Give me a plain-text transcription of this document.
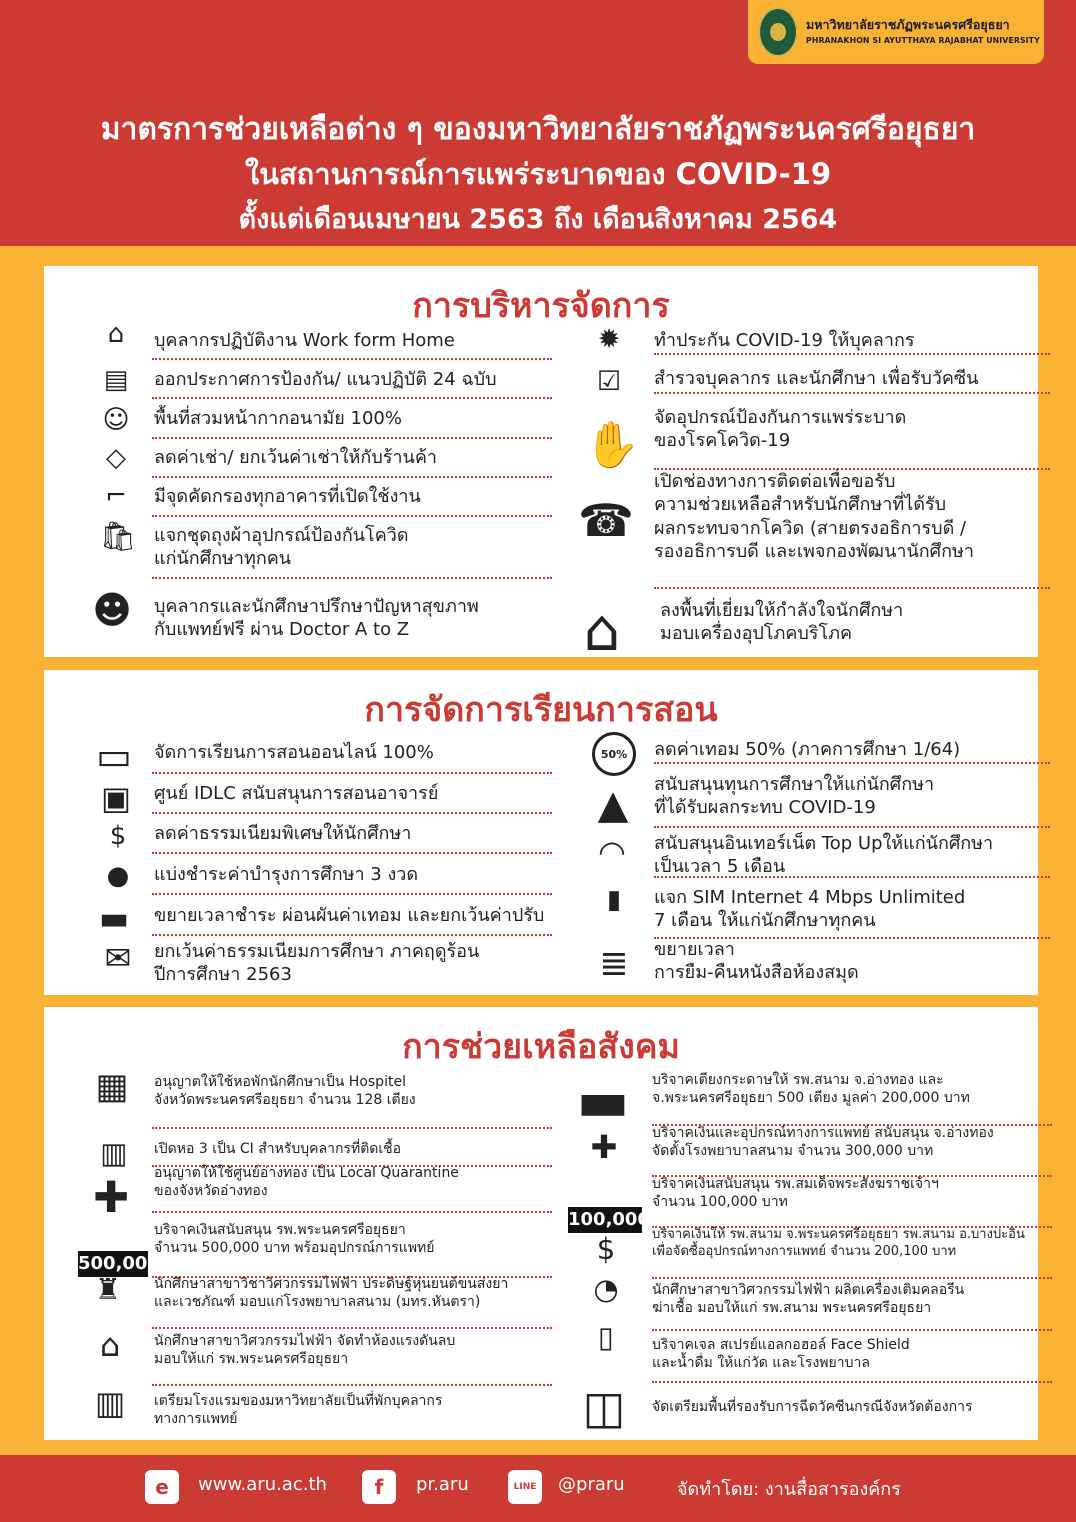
มหาวิทยาลัยราชภัฏพระนครศรีอยุธยา
PHRANAKHON SI AYUTTHAYA RAJABHAT UNIVERSITY
มาตรการช่วยเหลือต่าง ๆ ของมหาวิทยาลัยราชภัฏพระนครศรีอยุธยา
ในสถานการณ์การแพร่ระบาดของ COVID-19
ตั้งแต่เดือนเมษายน 2563 ถึง เดือนสิงหาคม 2564
การบริหารจัดการ
⌂	บุคลากรปฏิบัติงาน Work form Home
▤ ออกประกาศการป้องกัน/ แนวปฏิบัติ 24 ฉบับ
☺ พื้นที่สวมหน้ากากอนามัย 100%
◇	ลดค่าเช่า/ ยกเว้นค่าเช่าให้กับร้านค้า
⌐ มีจุดคัดกรองทุกอาคารที่เปิดใช้งาน
🛍 แจกชุดถุงผ้าอุปกรณ์ป้องกันโควิด
แก่นักศึกษาทุกคน
☻ บุคลากรและนักศึกษาปรึกษาปัญหาสุขภาพ
กับแพทย์ฟรี ผ่าน Doctor A to Z
✹	ทำประกัน COVID-19 ให้บุคลากร
☑ สำรวจบุคลากร และนักศึกษา เพื่อรับวัคซีน
✋ จัดอุปกรณ์ป้องกันการแพร่ระบาด
ของโรคโควิด-19
☎
เปิดช่องทางการติดต่อเพื่อขอรับ
ความช่วยเหลือสำหรับนักศึกษาที่ได้รับ
ผลกระทบจากโควิด (สายตรงอธิการบดี /
รองอธิการบดี และเพจกองพัฒนานักศึกษา
⌂	ลงพื้นที่เยี่ยมให้กำลังใจนักศึกษา
มอบเครื่องอุปโภคบริโภค
การจัดการเรียนการสอน
▭	จัดการเรียนการสอนออนไลน์ 100%
▣ ศูนย์ IDLC สนับสนุนการสอนอาจารย์
$	ลดค่าธรรมเนียมพิเศษให้นักศึกษา
● แบ่งชำระค่าบำรุงการศึกษา 3 งวด
▬ ขยายเวลาชำระ ผ่อนผันค่าเทอม และยกเว้นค่าปรับ
✉	ยกเว้นค่าธรรมเนียมการศึกษา ภาคฤดูร้อน
ปีการศึกษา 2563
50%	ลดค่าเทอม 50% (ภาคการศึกษา 1/64)
▲	สนับสนุนทุนการศึกษาให้แก่นักศึกษา
ที่ได้รับผลกระทบ COVID-19
◠	สนับสนุนอินเทอร์เน็ต Top Upให้แก่นักศึกษา
เป็นเวลา 5 เดือน
▮	แจก SIM Internet 4 Mbps Unlimited
7 เดือน ให้แก่นักศึกษาทุกคน
≣	ขยายเวลา
การยืม-คืนหนังสือห้องสมุด
การช่วยเหลือสังคม
▦	อนุญาตให้ใช้หอพักนักศึกษาเป็น Hospitel
จังหวัดพระนครศรีอยุธยา จำนวน 128 เตียง
▥	เปิดหอ 3 เป็น CI สำหรับบุคลากรที่ติดเชื้อ
✚	อนุญาตให้ใช้ศูนย์อ่างทอง เป็น Local Quarantine
ของจังหวัดอ่างทอง
500,000
บริจาคเงินสนับสนุน รพ.พระนครศรีอยุธยา
จำนวน 500,000 บาท พร้อมอุปกรณ์การแพทย์
♜	นักศึกษาสาขาวิชาวิศวกรรมไฟฟ้า ประดิษฐ์หุ่นยนต์ขนส่งยา
และเวชภัณฑ์ มอบแก่โรงพยาบาลสนาม (มทร.หันตรา)
⌂	นักศึกษาสาขาวิศวกรรมไฟฟ้า จัดทำห้องแรงดันลบ
มอบให้แก่ รพ.พระนครศรีอยุธยา
▥	เตรียมโรงแรมของมหาวิทยาลัยเป็นที่พักบุคลากร
ทางการแพทย์
▬	บริจาคเตียงกระดาษให้ รพ.สนาม จ.อ่างทอง และ
จ.พระนครศรีอยุธยา 500 เตียง มูลค่า 200,000 บาท
✚	บริจาคเงินและอุปกรณ์ทางการแพทย์ สนับสนุน จ.อ่างทอง
จัดตั้งโรงพยาบาลสนาม จำนวน 300,000 บาท
100,000
บริจาคเงินสนับสนุน รพ.สมเด็จพระสังฆราชเจ้าฯ
จำนวน 100,000 บาท
$	บริจาคเงินให้ รพ.สนาม จ.พระนครศรีอยุธยา รพ.สนาม อ.บางปะอิน
เพื่อจัดซื้ออุปกรณ์ทางการแพทย์ จำนวน 200,100 บาท
◔	นักศึกษาสาขาวิศวกรรมไฟฟ้า ผลิตเครื่องเติมคลอรีน
ฆ่าเชื้อ มอบให้แก่ รพ.สนาม พระนครศรีอยุธยา
▯	บริจาคเจล สเปรย์แอลกอฮอล์ Face Shield
และน้ำดื่ม ให้แก่วัด และโรงพยาบาล
◫	จัดเตรียมพื้นที่รองรับการฉีดวัคซีนกรณีจังหวัดต้องการ
e	www.aru.ac.th	f	pr.aru	LINE	@praru	จัดทำโดย: งานสื่อสารองค์กร
